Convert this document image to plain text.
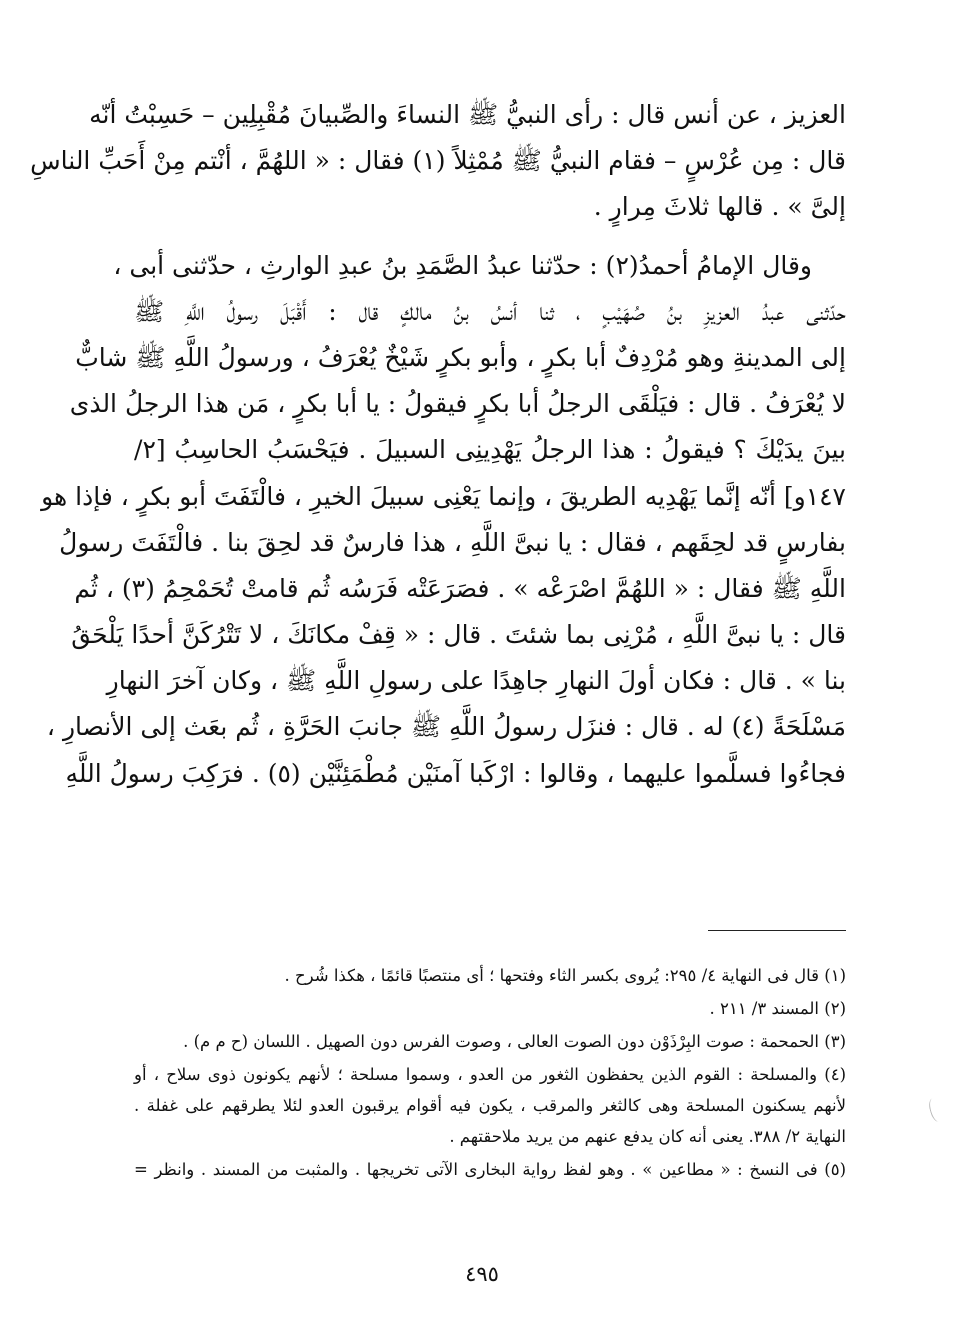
العزيز ، عن أنس قال : رأى النبيُّ ﷺ النساءَ والصِّبيانَ مُقْبِلِين – حَسِبْتُ أنّه
قال : مِن عُرْسٍ – فقام النبيُّ ﷺ مُمْثِلاً (١) فقال : « اللهُمَّ ، أنْتم مِنْ أَحَبِّ الناسِ
إلىَّ » . قالها ثلاثَ مِرارٍ .
وقال الإمامُ أحمدُ(٢) : حدّثنا عبدُ الصَّمَدِ بنُ عبدِ الوارثِ ، حدّثنى أبى ،
حدّثنى عبدُ العزيزِ بنُ صُهَيْبٍ ، ثنا أنسُ بنُ مالكٍ قال : أَقْبَلَ رسولُ اللَّهِ ﷺ
إلى المدينةِ وهو مُرْدِفٌ أبا بكرٍ ، وأبو بكرٍ شَيْخٌ يُعْرَفُ ، ورسولُ اللَّهِ ﷺ شابٌّ
لا يُعْرَفُ . قال : فيَلْقَى الرجلُ أبا بكرٍ فيقولُ : يا أبا بكرٍ ، مَن هذا الرجلُ الذى
بينَ يدَيْكَ ؟ فيقولُ : هذا الرجلُ يَهْدِينِى السبيلَ . فيَحْسَبُ الحاسِبُ [٢/
١٤٧و] أنّه إنَّما يَهْدِيه الطريقَ ، وإنما يَعْنِى سبيلَ الخيرِ ، فالْتَفَتَ أبو بكرٍ ، فإذا هو
بفارسٍ قد لحِقَهم ، فقال : يا نبىَّ اللَّهِ ، هذا فارسٌ قد لحِقَ بنا . فالْتَفَتَ رسولُ
اللَّهِ ﷺ فقال : « اللهُمَّ اصْرَعْه » . فصَرَعَتْه فَرَسُه ثُم قامتْ تُحَمْحِمُ (٣) ، ثُم
قال : يا نبىَّ اللَّهِ ، مُرْنِى بما شئتَ . قال : « قِفْ مكانَكَ ، لا تَتْرُكَنَّ أحدًا يَلْحَقُ
بنا » . قال : فكان أولَ النهارِ جاهِدًا على رسولِ اللَّهِ ﷺ ، وكان آخرَ النهارِ
مَسْلَحَةً (٤) له . قال : فنزَل رسولُ اللَّهِ ﷺ جانبَ الحَرَّةِ ، ثُم بعَث إلى الأنصارِ ،
فجاءُوا فسلَّموا عليهما ، وقالوا : ارْكَبا آمنَيْن مُطْمَئِنَّيْن (٥) . فرَكِبَ رسولُ اللَّهِ
(١) قال فى النهاية ٤/ ٢٩٥: يُروى بكسر الثاء وفتحها ؛ أى منتصبًا قائمًا ، هكذا شُرح .
(٢) المسند ٣/ ٢١١ .
(٣) الحمحمة : صوت البِرْذَوْن دون الصوت العالى ، وصوت الفرس دون الصهيل . اللسان (ح م م) .
(٤) والمسلحة : القوم الذين يحفظون الثغور من العدو ، وسموا مسلحة ؛ لأنهم يكونون ذوى سلاح ، أو
لأنهم يسكنون المسلحة وهى كالثغر والمرقب ، يكون فيه أقوام يرقبون العدو لئلا يطرقهم على غفلة .
النهاية ٢/ ٣٨٨. يعنى أنه كان يدفع عنهم من يريد ملاحقتهم .
(٥) فى النسخ : « مطاعين » . وهو لفظ رواية البخارى الآتى تخريجها . والمثبت من المسند . وانظر =
٤٩٥
